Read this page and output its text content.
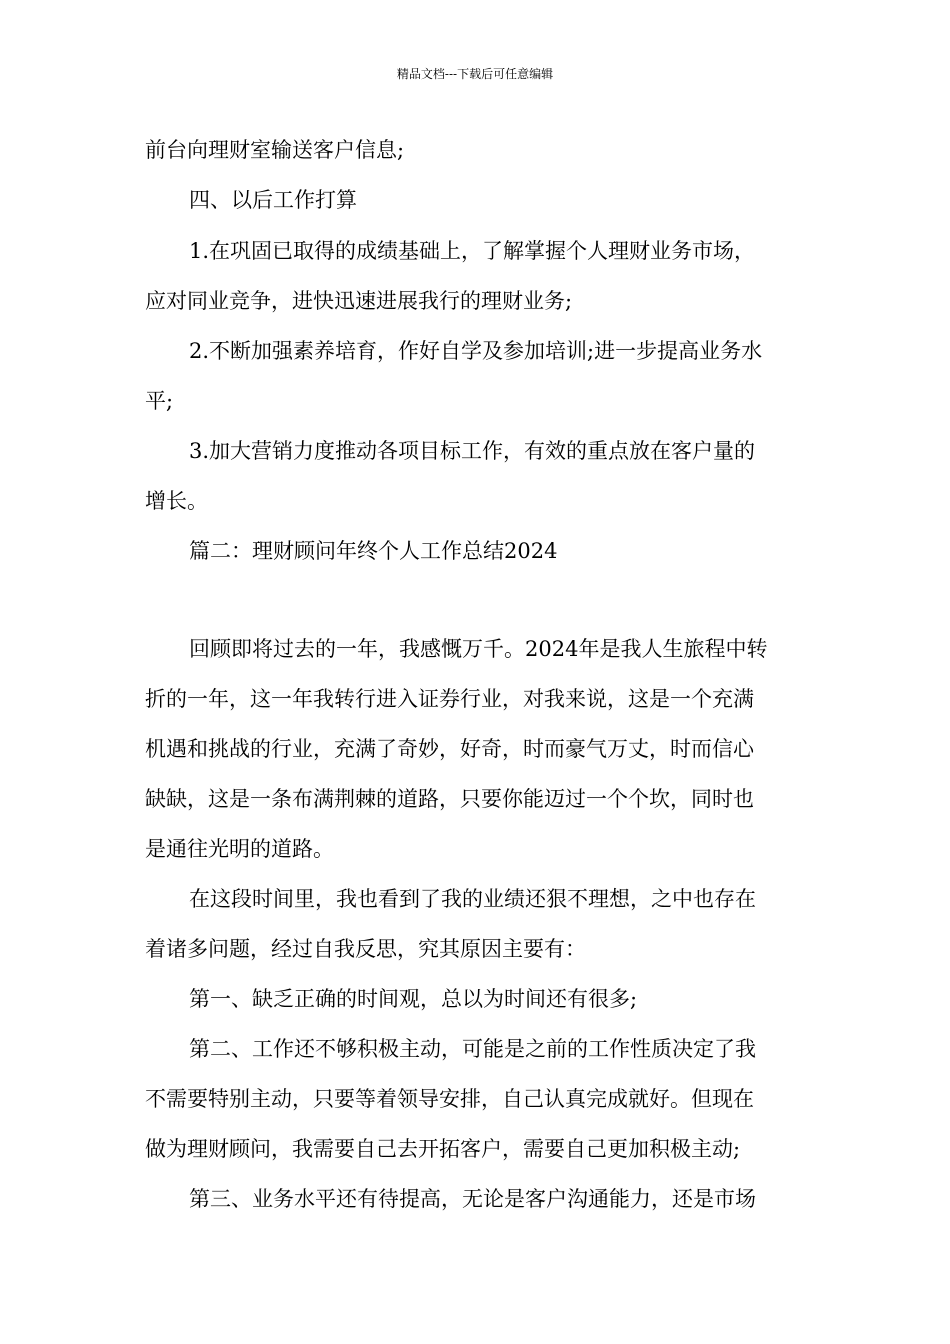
精品文档---下载后可任意编辑
前台向理财室输送客户信息;
四、以后工作打算
1.在巩固已取得的成绩基础上，了解掌握个人理财业务市场，
应对同业竞争，进快迅速进展我行的理财业务;
2.不断加强素养培育，作好自学及参加培训;进一步提高业务水
平;
3.加大营销力度推动各项目标工作，有效的重点放在客户量的
增长。
篇二：理财顾问年终个人工作总结2024
回顾即将过去的一年，我感慨万千。2024年是我人生旅程中转
折的一年，这一年我转行进入证券行业，对我来说，这是一个充满
机遇和挑战的行业，充满了奇妙，好奇，时而豪气万丈，时而信心
缺缺，这是一条布满荆棘的道路，只要你能迈过一个个坎，同时也
是通往光明的道路。
在这段时间里，我也看到了我的业绩还狠不理想，之中也存在
着诸多问题，经过自我反思，究其原因主要有：
第一、缺乏正确的时间观，总以为时间还有很多;
第二、工作还不够积极主动，可能是之前的工作性质决定了我
不需要特别主动，只要等着领导安排，自己认真完成就好。但现在
做为理财顾问，我需要自己去开拓客户，需要自己更加积极主动;
第三、业务水平还有待提高，无论是客户沟通能力，还是市场
